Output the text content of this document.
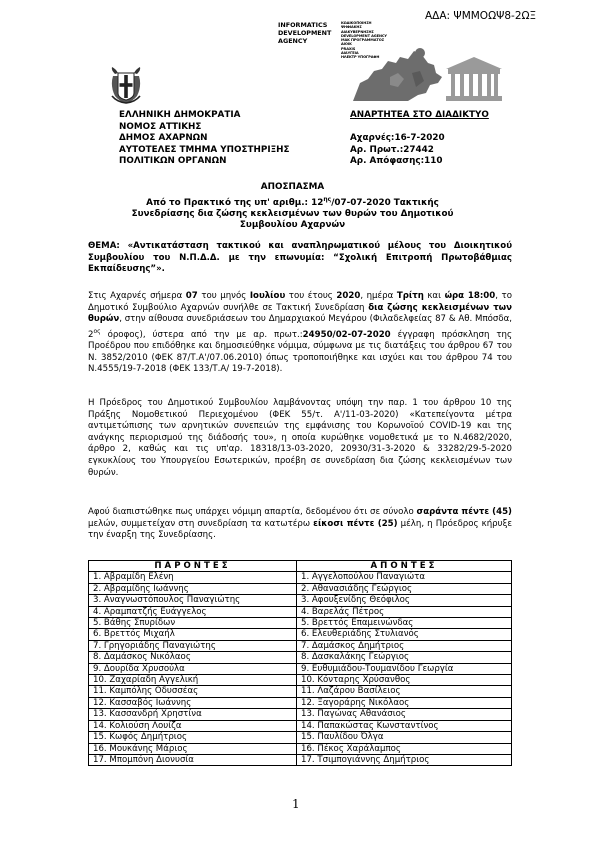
ΑΔΑ: ΨΜΜΟΩΨ8-2ΩΞ
INFORMATICS
DEVELOPMENT
AGENCY
ΚΩΔΙΚΟΠΟΙΗΣΗ
ΨΗΦΙΑΚΗΣ
ΔΙΑΚΥΒΕΡΝΗΣΗΣ
DEVELOPMENT AGENCY
ΜΑΚ ΠΡΟΓΡΑΜΜΑΤΟΣ
ΔΙΟΙΚ
PRAXIS
ΔΙΑΥΓΕΙΑ
ΗΛΕΚΤΡ ΥΠΟΓΡΑΦΗ
ΕΛΛΗΝΙΚΗ ΔΗΜΟΚΡΑΤΙΑ
ΝΟΜΟΣ ΑΤΤΙΚΗΣ
ΔΗΜΟΣ ΑΧΑΡΝΩΝ
ΑΥΤΟΤΕΛΕΣ ΤΜΗΜΑ ΥΠΟΣΤΗΡΙΞΗΣ
ΠΟΛΙΤΙΚΩΝ ΟΡΓΑΝΩΝ
ΑΝΑΡΤΗΤΕΑ ΣΤΟ ΔΙΑΔΙΚΤΥΟ
Αχαρνές:16-7-2020
Αρ. Πρωτ.:27442
Αρ. Απόφασης:110
ΑΠΟΣΠΑΣΜΑ
Από το Πρακτικό της υπ' αριθμ.: $12^{\eta\varsigma}/07-07-2020$ Τακτικής
Συνεδρίασης δια ζώσης κεκλεισμένων των θυρών του Δημοτικού
Συμβουλίου Αχαρνών
ΘΕΜΑ: «Αντικατάσταση τακτικού και αναπληρωματικού μέλους του Διοικητικού Συμβουλίου του Ν.Π.Δ.Δ. με την επωνυμία: “Σχολική Επιτροπή Πρωτοβάθμιας Εκπαίδευσης”».
Στις Αχαρνές σήμερα 07 του μηνός Ιουλίου του έτους 2020, ημέρα Τρίτη και ώρα 18:00, το Δημοτικό Συμβούλιο Αχαρνών συνήλθε σε Τακτική Συνεδρίαση δια ζώσης κεκλεισμένων των θυρών, στην αίθουσα συνεδριάσεων του Δημαρχιακού Μεγάρου (Φιλαδελφείας 87 & Αθ. Μπόσδα, $2^{o\varsigma}$ όροφος), ύστερα από την με αρ. πρωτ.:24950/02-07-2020 έγγραφη πρόσκληση της Προέδρου που επιδόθηκε και δημοσιεύθηκε νόμιμα, σύμφωνα με τις διατάξεις του άρθρου 67 του Ν. 3852/2010 (ΦΕΚ 87/Τ.Α'/07.06.2010) όπως τροποποιήθηκε και ισχύει και του άρθρου 74 του Ν.4555/19-7-2018 (ΦΕΚ 133/Τ.Α/ 19-7-2018).
Η Πρόεδρος του Δημοτικού Συμβουλίου λαμβάνοντας υπόψη την παρ. 1 του άρθρου 10 της Πράξης Νομοθετικού Περιεχομένου (ΦΕΚ 55/τ. Α'/11-03-2020) «Κατεπείγοντα μέτρα αντιμετώπισης των αρνητικών συνεπειών της εμφάνισης του Κορωνοϊού COVID-19 και της ανάγκης περιορισμού της διάδοσής του», η οποία κυρώθηκε νομοθετικά με το Ν.4682/2020, άρθρο 2, καθώς και τις υπ'αρ. 18318/13-03-2020, 20930/31-3-2020 & 33282/29-5-2020 εγκυκλίους του Υπουργείου Εσωτερικών, προέβη σε συνεδρίαση δια ζώσης κεκλεισμένων των θυρών.
Αφού διαπιστώθηκε πως υπάρχει νόμιμη απαρτία, δεδομένου ότι σε σύνολο σαράντα πέντε (45) μελών, συμμετείχαν στη συνεδρίαση τα κατωτέρω είκοσι πέντε (25) μέλη, η Πρόεδρος κήρυξε την έναρξη της Συνεδρίασης.
ΠΑΡΟΝΤΕΣ	ΑΠΟΝΤΕΣ
1. Αβραμίδη Ελένη	1. Αγγελοπούλου Παναγιώτα
2. Αβραμίδης Ιωάννης	2. Αθανασιάδης Γεώργιος
3. Αναγνωστόπουλος Παναγιώτης	3. Αφουξενίδης Θεόφιλος
4. Αραμπατζής Ευάγγελος	4. Βαρελάς Πέτρος
5. Βάθης Σπυρίδων	5. Βρεττός Επαμεινώνδας
6. Βρεττός Μιχαήλ	6. Ελευθεριάδης Στυλιανός
7. Γρηγοριάδης Παναγιώτης	7. Δαμάσκος Δημήτριος
8. Δαμάσκος Νικόλαος	8. Δασκαλάκης Γεώργιος
9. Δουρίδα Χρυσούλα	9. Ευθυμιάδου-Τουμανίδου Γεωργία
10. Ζαχαρίαδη Αγγελική	10. Κόνταρης Χρύσανθος
11. Καμπόλης Οδυσσέας	11. Λαζάρου Βασίλειος
12. Κασσαβός Ιωάννης	12. Ξαγοράρης Νικόλαος
13. Κασσανδρή Χρηστίνα	13. Παγώνας Αθανάσιος
14. Κολιούση Λουίζα	14. Παπακώστας Κωνσταντίνος
15. Κωφός Δημήτριος	15. Παυλίδου Όλγα
16. Μουκάνης Μάριος	16. Πέκος Χαράλαμπος
17. Μπομπόνη Διονυσία	17. Τσιμπογιάννης Δημήτριος
1
